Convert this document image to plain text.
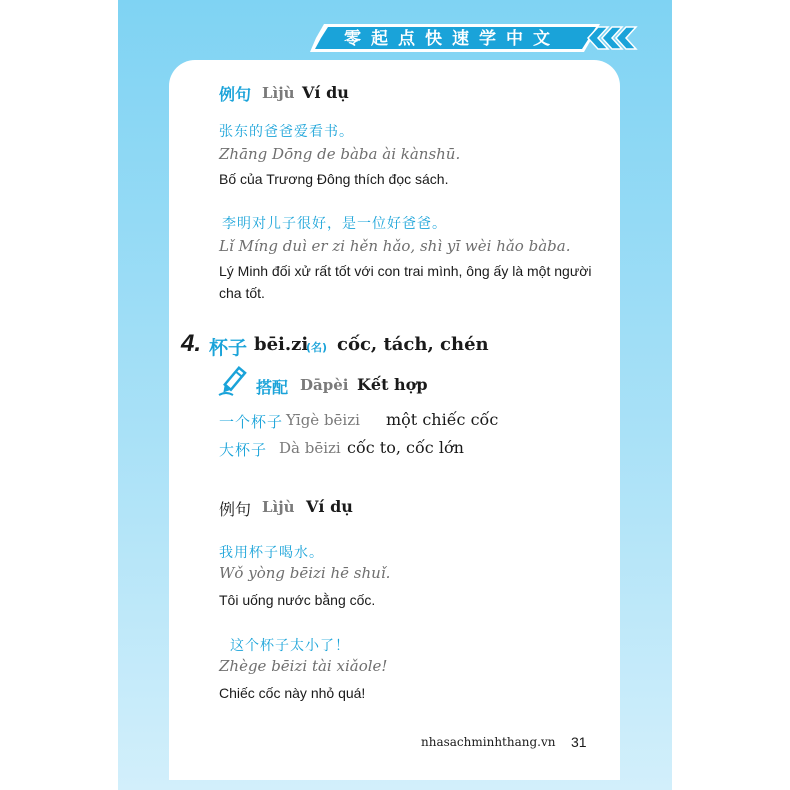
零起点快速学中文
例句 Lìjù Ví dụ
张东的爸爸爱看书。
Zhāng Dōng de bàba ài kànshū.
Bố của Trương Đông thích đọc sách.
李明对儿子很好，是一位好爸爸。
Lǐ Míng duì er zi hěn hǎo, shì yī wèi hǎo bàba.
Lý Minh đối xử rất tốt với con trai mình, ông ấy là một người cha tốt.
4. 杯子 bēi.zi
(名) cốc, tách, chén
搭配 Dāpèi Kết hợp
一个杯子 Yīgè bēizi một chiếc cốc
大杯子 Dà bēizi cốc to, cốc lớn
例句 Lìjù Ví dụ
我用杯子喝水。
Wǒ yòng bēizi hē shuǐ.
Tôi uống nước bằng cốc.
这个杯子太小了！
Zhège bēizi tài xiǎole!
Chiếc cốc này nhỏ quá!
nhasachminhthang.vn 31
